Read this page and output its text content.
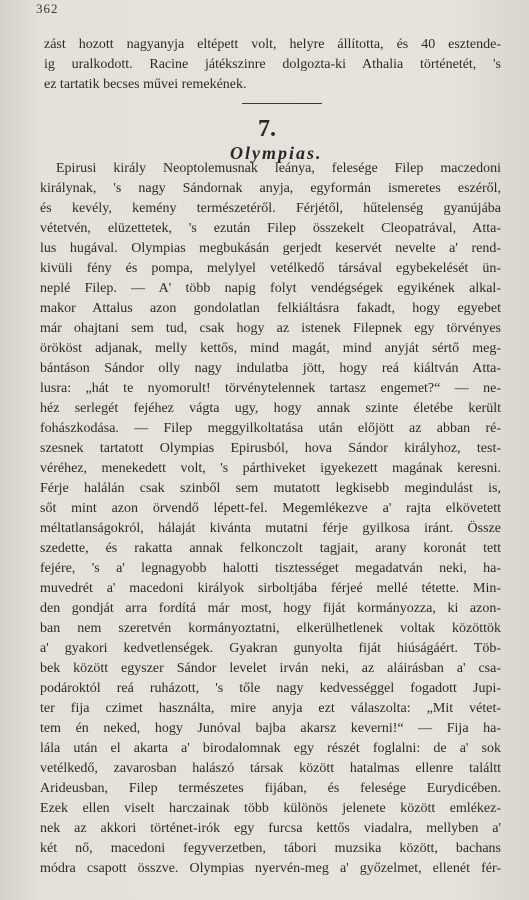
362
zást hozott nagyanyja eltépett volt, helyre állította, és 40 esztende-
ig uralkodott. Racine játékszinre dolgozta-ki Athalia történetét, 's
ez tartatik becses művei remekének.
7.
Olympias.
Epirusi király Neoptolemusnak leánya, felesége Filep maczedoni
királynak, 's nagy Sándornak anyja, egyformán ismeretes eszéről,
és kevély, kemény természetéről. Férjétől, hűtelenség gyanújába
vétetvén, elüzettetek, 's ezután Filep összekelt Cleopatrával, Atta-
lus hugával. Olympias megbukásán gerjedt keservét nevelte a' rend-
kivüli fény és pompa, melylyel vetélkedő társával egybekelését ün-
neplé Filep. — A' több napig folyt vendégségek egyikének alkal-
makor Attalus azon gondolatlan felkiáltásra fakadt, hogy egyebet
már ohajtani sem tud, csak hogy az istenek Filepnek egy törvényes
örököst adjanak, melly kettős, mind magát, mind anyját sértő meg-
bántáson Sándor olly nagy indulatba jött, hogy reá kiáltván Atta-
lusra: „hát te nyomorult! törvénytelennek tartasz engemet?“ — ne-
héz serlegét fejéhez vágta ugy, hogy annak szinte életébe került
fohászkodása. — Filep meggyilkoltatása után előjött az abban ré-
szesnek tartatott Olympias Epirusból, hova Sándor királyhoz, test-
véréhez, menekedett volt, 's párthiveket igyekezett magának keresni.
Férje halálán csak szinből sem mutatott legkisebb megindulást is,
sőt mint azon örvendő lépett-fel. Megemlékezve a' rajta elkövetett
méltatlanságokról, hálaját kivánta mutatni férje gyilkosa iránt. Össze
szedette, és rakatta annak felkonczolt tagjait, arany koronát tett
fejére, 's a' legnagyobb halotti tisztességet megadatván neki, ha-
muvedrét a' macedoni királyok sirboltjába férjeé mellé tétette. Min-
den gondját arra fordítá már most, hogy fiját kormányozza, ki azon-
ban nem szeretvén kormányoztatni, elkerülhetlenek voltak közöttök
a' gyakori kedvetlenségek. Gyakran gunyolta fiját hiúságáért. Töb-
bek között egyszer Sándor levelet irván neki, az aláirásban a' csa-
podároktól reá ruházott, 's tőle nagy kedvességgel fogadott Jupi-
ter fija czimet használta, mire anyja ezt válaszolta: „Mit vétet-
tem én neked, hogy Junóval bajba akarsz keverni!“ — Fija ha-
lála után el akarta a' birodalomnak egy részét foglalni: de a' sok
vetélkedő, zavarosban halászó társak között hatalmas ellenre találtt
Arideusban, Filep természetes fijában, és felesége Eurydicében.
Ezek ellen viselt harczainak több különös jelenete között emlékez-
nek az akkori történet-irók egy furcsa kettős viadalra, mellyben a'
két nő, macedoni fegyverzetben, tábori muzsika között, bachans
módra csapott összve. Olympias nyervén-meg a' győzelmet, ellenét fér-
